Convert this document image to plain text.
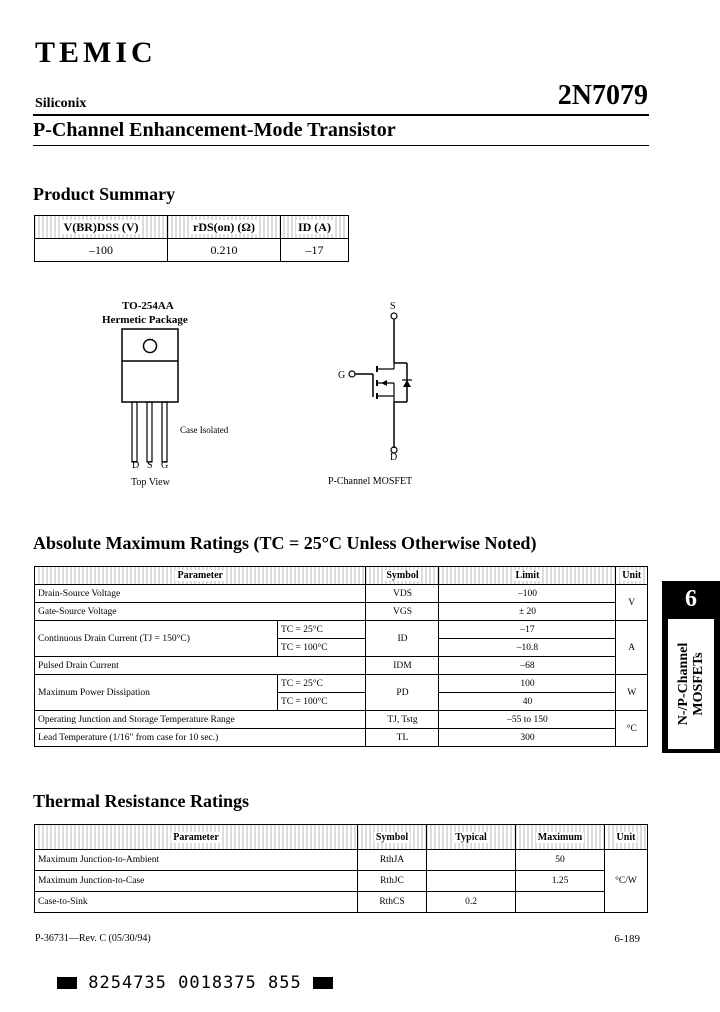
TEMIC
Siliconix	2N7079
P-Channel Enhancement-Mode Transistor
Product Summary
V(BR)DSS (V)	rDS(on) (Ω)	ID (A)
–100	0.210	–17
TO-254AA
Hermetic Package
Case Isolated
D S G
Top View
S
G
D
P-Channel MOSFET
6
N-/P-Channel
MOSFETs
Absolute Maximum Ratings (TC = 25°C Unless Otherwise Noted)
Parameter		Symbol	Limit	Unit
Drain-Source Voltage		VDS	–100	V
Gate-Source Voltage		VGS	± 20	
Continuous Drain Current (TJ = 150°C)	TC = 25°C	ID	–17	A
	TC = 100°C		–10.8	
Pulsed Drain Current		IDM	–68	
Maximum Power Dissipation	TC = 25°C	PD	100	W
	TC = 100°C		40	
Operating Junction and Storage Temperature Range		TJ, Tstg	–55 to 150	°C
Lead Temperature (1/16" from case for 10 sec.)		TL	300	
Thermal Resistance Ratings
Parameter	Symbol	Typical	Maximum	Unit
Maximum Junction-to-Ambient	RthJA		50	°C/W
Maximum Junction-to-Case	RthJC		1.25	
Case-to-Sink	RthCS	0.2		
P-36731—Rev. C (05/30/94)	6-189
8254735 0018375 855
